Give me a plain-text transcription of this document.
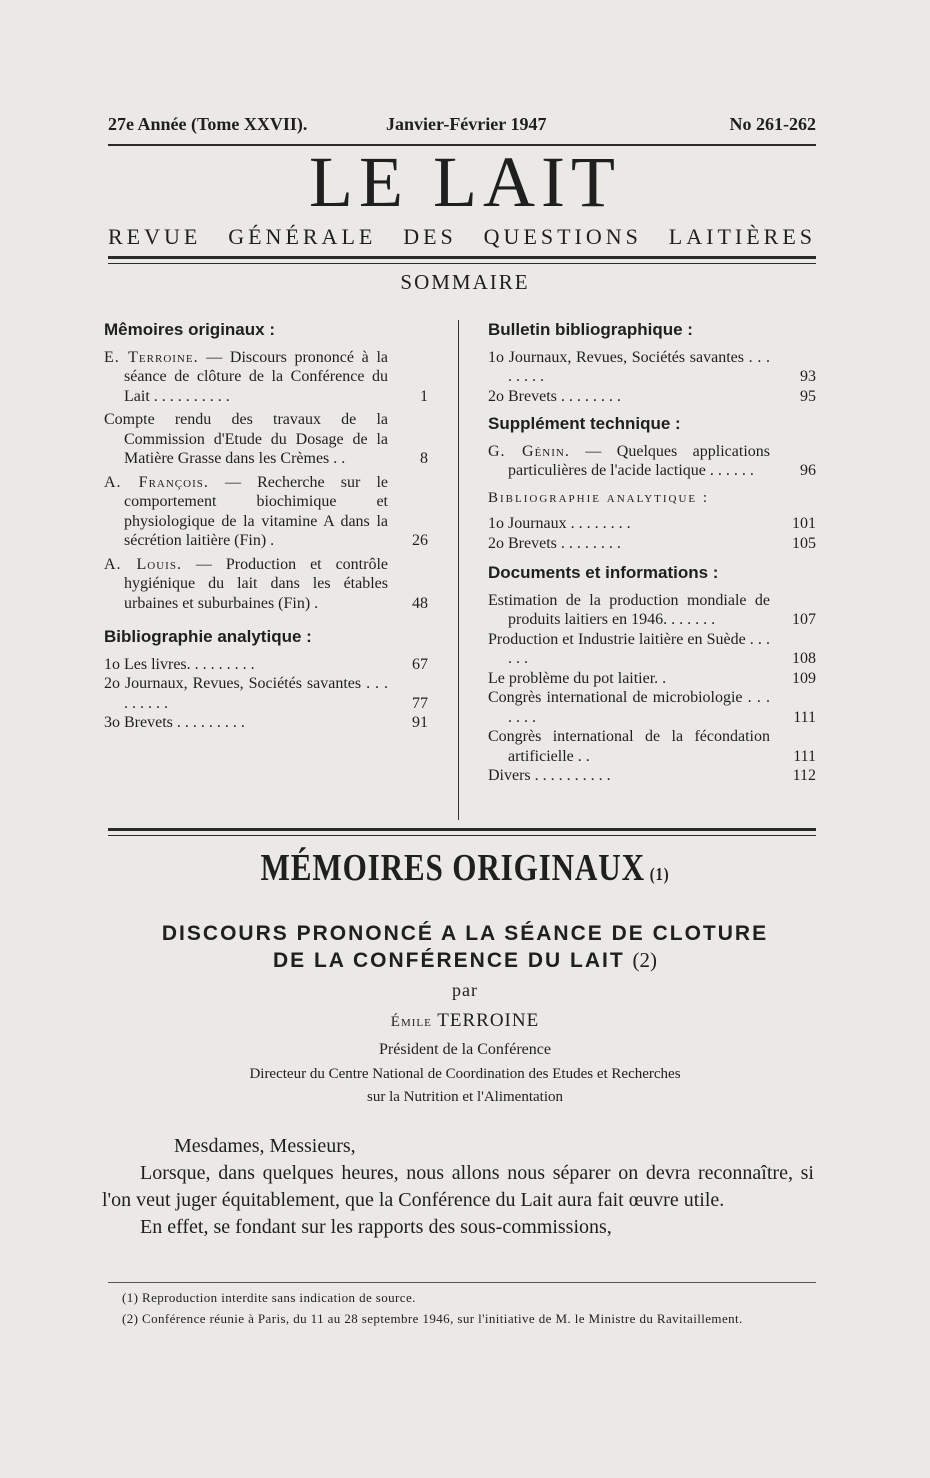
27e Année (Tome XXVII).	Janvier-Février 1947	No 261-262
LE LAIT
REVUE GÉNÉRALE DES QUESTIONS LAITIÈRES
SOMMAIRE
Mêmoires originaux :
E. Terroine. — Discours prononcé à la séance de clôture de la Conférence du Lait . . . . . . . . . .	1
Compte rendu des travaux de la Commission d'Etude du Dosage de la Matière Grasse dans les Crèmes . .	8
A. François. — Recherche sur le comportement biochimique et physiologique de la vitamine A dans la sécrétion laitière (Fin) .	26
A. Louis. — Production et contrôle hygiénique du lait dans les étables urbaines et suburbaines (Fin) .	48
Bibliographie analytique :
1o Les livres. . . . . . . . .	67
2o Journaux, Revues, Sociétés savantes . . . . . . . . .	77
3o Brevets . . . . . . . . .	91
Bulletin bibliographique :
1o Journaux, Revues, Sociétés savantes . . . . . . . .	93
2o Brevets . . . . . . . .	95
Supplément technique :
G. Génin. — Quelques applications particulières de l'acide lactique . . . . . .	96
Bibliographie analytique :
1o Journaux . . . . . . . .	101
2o Brevets . . . . . . . .	105
Documents et informations :
Estimation de la production mondiale de produits laitiers en 1946. . . . . . .	107
Production et Industrie laitière en Suède . . . . . .	108
Le problème du pot laitier. .	109
Congrès international de microbiologie . . . . . . .	111
Congrès international de la fécondation artificielle . .	111
Divers . . . . . . . . . .	112
MÉMOIRES ORIGINAUX (1)
DISCOURS PRONONCÉ A LA SÉANCE DE CLOTURE
DE LA CONFÉRENCE DU LAIT (2)
par
Émile TERROINE
Président de la Conférence
Directeur du Centre National de Coordination des Etudes et Recherches
sur la Nutrition et l'Alimentation

Mesdames, Messieurs,

Lorsque, dans quelques heures, nous allons nous séparer on devra reconnaître, si l'on veut juger équitablement, que la Conférence du Lait aura fait œuvre utile.

En effet, se fondant sur les rapports des sous-commissions,

(1) Reproduction interdite sans indication de source.

(2) Conférence réunie à Paris, du 11 au 28 septembre 1946, sur l'initiative de M. le Ministre du Ravitaillement.
